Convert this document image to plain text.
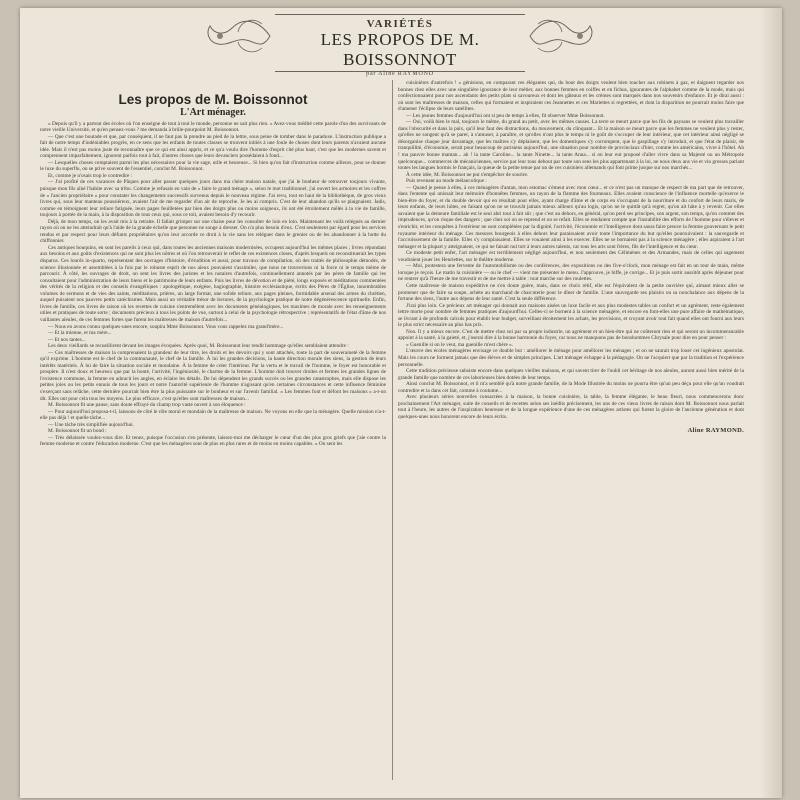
VARIÉTÉS
LES PROPOS DE M. BOISSONNOT
par Aline RAYMOND
Les propos de M. Boissonnot
L'Art ménager.

« Depuis qu'il y a partout des écoles où l'on enseigne de tout à tout le monde, personne ne sait plus rien. » Avez-vous médité cette parole d'un des survivants de notre vieille Université, et qu'en pensez-vous ? me demanda à brûle-pourpoint M. Boissonnot.

— Que c'est une boutade et que, par conséquent, il ne faut pas la prendre au pied de la lettre, sous peine de tomber dans le paradoxe. L'instruction publique a fait de notre temps d'indéniables progrès, en ce sens que les enfants de toutes classes se trouvent initiés à une foule de choses dont leurs parents n'avaient aucune idée. Mais il n'est pas moins juste de reconnaître que ce qui est ainsi appris, et ce qu'a voulu dire l'homme d'esprit cité plus haut, c'est que les modernes savent et comprennent imparfaitement, ignorent parfois tout à fait, d'autres choses que leurs devanciers possédaient à fond...

— Lesquelles choses comptaient parmi les plus nécessaires pour la vie sage, utile et heureuse... Si bien qu'on fait d'instruction comme ailleurs, pour se donner le luxe du superflu, on se prive souvent de l'essentiel, conclut M. Boissonnot.

Et, comme je n'osais trop le contredire :

— J'ai profité de ces vacances de Pâques pour aller passer quelques jours dans ma chère maison natale, que j'ai le bonheur de retrouver toujours vivante, puisque mon fils aîné l'habite avec sa tribu. Comme je refusais en vain de « faire le grand ménage », selon le mot traditionnel, j'ai ouvert les armoires et les coffres de « l'ancien propriétaire » pour constater les changements successifs survenus depuis le nouveau régime. J'ai revu, tout en haut de la bibliothèque, de gros vieux livres qui, sous leur manteau poussiéreux, avaient l'air de me regarder d'un air de reproche. Je les ai compris. C'est de leur abandon qu'ils se plaignaient. Jadis, comme en témoignent leur reliure fatiguée, leurs pages feuilletées par bien des doigts plus ou moins soigneux, ils ont été étroitement mêlés à la vie de famille, toujours à portée de la main, à la disposition de tous ceux qui, sous ce toit, avaient besoin d'y recourir.

Déjà, de mon temps, on les avait mis à la retraite. Il fallait grimper sur une chaise pour les consulter de loin en loin. Maintenant les voilà relégués au dernier rayon où on ne les atteindrait qu'à l'aide de la grande échelle que personne ne songe à dresser. On n'a plus besoin d'eux. C'est seulement par égard pour les services rendus et par respect pour leurs défunts propriétaires qu'on leur accorde ce droit à la vie sans les reléguer dans le grenier ou de les abandonner à la hotte du chiffonnier.

Ces antiques bouquins, en sont les pareils à ceux qui, dans toutes les anciennes maisons modernisées, occupent aujourd'hui les mêmes places ; livres répondant aux besoins et aux goûts d'existences qui ne sont plus les nôtres et où l'on retrouverait le reflet de ces existences closes, d'après lesquels on reconstituerait les types disparus. Ces lourds in-quarto, représentant des ouvrages d'histoire, d'érudition et aussi, pour travaux de compilation, où des traités de philosophie démodés, de science illusionnée et assemblées à la fois par le robuste esprit de nos aïeux pouvaient s'assimiler, que nous ne trouverions ni la force ni le temps même de parcourir. À côté, les ouvrages de droit, on sent les livres des juristes et les notaires d'autrefois, continuellement annotés par les pères de famille qui les consultaient pour l'administration de leurs biens et le patrimoine de leurs enfants. Puis les livres de dévotion et de piété, longs exposés et méditations commentées des vérités de la religion et des conseils évangéliques : apologétique, exégèse, hagiographie, histoire ecclésiastique, écrits des Pères de l'Église, innombrables volumes de sermons et de vies des saints, méditations, prières, un large format, une solide reliure, aux pages pleines, formidable arsenal des armes du chrétien, auquel puisaient nos pauvres petits catéchismes. Mais aussi un véritable trésor de lectures, de la psychologie pratique de notre dégénérescence spirituelle. Enfin, livres de famille, ces livres de raison où les recettes de cuisine s'entremêlent avec les documents généalogiques, les maximes de morale avec les renseignements utiles et pratiques de toute sorte ; documents précieux à tous les points de vue, surtout à celui de la psychologie rétrospective ; représentatifs de l'état d'âme de nos vaillantes aïeules, de ces femmes fortes que furent les maîtresses de maison d'autrefois...

— Nous en avons connu quelques-unes encore, soupira Mme Boissonnot. Vous vous rappelez ma grand'mère...

— Et la mienne, et ma mère...

— Et nos tantes...

Les deux vieillards se recueillirent devant les images évoquées. Après quoi, M. Boissonnot leur rendit hommage qu'elles semblaient attendre :

— Ces maîtresses de maison la comprenaient la grandeur de leur titre, les droits et les devoirs qui y sont attachés, toute la part de souveraineté de la femme qu'il exprime. L'homme est le chef de la communauté, le chef de la famille. À lui les grandes décisions, la haute direction morale des siens, la gestion de leurs intérêts matériels. À lui de faire la situation sociale et mondaine. À la femme de créer l'intérieur. Par la vertu et le travail de l'homme, le foyer est honorable et prospère. Il n'est doux et heureux que par la bonté, l'activité, l'ingéniosité, le charme de la femme. L'homme doit trouver droites et fermes les grandes lignes de l'existence commune, la femme en adoucit les angles, en éclaire les détails. De lui dépendent les grands succès ou les grandes catastrophes, mais elle dispose les petites joies ou les petits ennuis de tous les jours et notre l'autorité supérieure de l'homme n'agissant qu'en certaines circonstances et cette influence féminine s'exerçant sans relâche, cette dernière pourrait bien être la plus puissante sur le bonheur et sur l'avenir familial. « Les femmes font et défont les maisons » a-t-on dit. Elles ont pour cela tous les moyens. Le plus efficace, c'est qu'elles sont maîtresses de maison...

M. Boissonnot fit une pause, sans doute effrayé du champ trop vaste ouvert à son éloquence :

— Pour aujourd'hui proposa-t-il, laissons de côté le rôle moral et mondain de la maîtresse de maison. Ne voyons en elle que la ménagère. Quelle mission n'a-t-elle pas déjà ! et quelle tâche...

— Une tâche très simplifiée aujourd'hui.

M. Boissonnot fit un bond :

— Très délaissée voulez-vous dire. Et tenez, puisque l'occasion s'en présente, laissez-moi me décharger le cœur d'un des plus gros griefs que j'aie contre la femme moderne et contre l'éducation moderne. C'est que les ménagères sont de plus en plus rares et de moins en moins capables. « On sent les

cuisinières d'autrefois ! » génisions, en comparant ces élégantes qui, du bout des doigts veulent bien toucher aux robinets à gaz, et daignent regarder nos bonnes chez elles avec une singulière ignorance de leur métier, aux bonnes femmes en coiffes et en fichus, ignorantes de l'alphabet comme de la mode, mais qui confectionnaient pour nos ascendants des petits plats si savoureux et dont les gâteaux et les crèmes sont marqués dans nos souvenirs d'enfance. Et je dirai aussi : où sont les maîtresses de maison, celles qui formaient et inspiraient ces Jeannettes et ces Mariettes si regrettées, et dont la disparition ne pourrait moins faire que d'amener l'éclipse de leurs satellites.

— Les jeunes femmes d'aujourd'hui ont si peu de temps à elles, fit observer Mme Boissonnot.

— Oui, voilà bien le mal, toujours le même, du grand au petit, avec les mêmes causes. La terre se meurt parce que les fils de paysans se veulent plus travailler dans l'obscurité et dans la paix, qu'il leur faut des distractions, du mouvement, du clinquant... Et la maison se meurt parce que les femmes ne veulent plus y rester, qu'elles ne songent qu'à se parer, à s'amuser, à paraître, et qu'elles n'ont plus le temps ni le goût de s'occuper de leur intérieur, que cet intérieur ainsi négligé se désorganise chaque jour davantage, que les maîtres s'y déplaisent, que les domestiques s'y corrompent, que le gaspillage s'y introduit, et que l'état de plaisir, de tranquillité, d'économie, serait pour beaucoup de parisiens aujourd'hui, une situation pour nombre de provinciaux d'hier, comme les américains, vivre à l'hôtel. Ah ! ma pauvre bonne maman... ah ! la tante Caroline... la tante Ninette... la tante Anna... si on leur eut proposé d'aller vivre dans sa Majesté ou un Métropole quelconque... commerces de mécaniciennes, service par leur tous debout par toute son sens les plus appartenant à la loi, ne nous deux ans vie et vin grosses parlant toutes les langues hormis le français, la queue de la petite tenue par un de ces cuisiniers allemands qui font prime jusque sur nos marchés...

À cette idée, M. Boissonnot ne put s'empêcher de sourire.

Puis revenant au mode mélancolique :

— Quand je pense à elles, à ces ménagères d'antan, mon estomac s'émeut avec mon cœur... et ce n'est pas un manque de respect de ma part que de retrouver, dans l'entente qui unissait leur mémoire d'honnêtes femmes, un rayon de la flamme des fourneaux. Elles avaient conscience de l'influence mortelle qu'exerce le bien-être du foyer, et du double devoir qui en résultait pour elles, ayant charge d'âme et de corps en s'occupant de la nourriture et du confort de leurs maris, de leurs enfants, de leurs hôtes, en faisant qu'on ne se trouvât jamais mieux ailleurs qu'au logis, qu'on ne le quittât qu'à regret, qu'on ait hâte à y revenir. Car elles savaient que la demeure familiale est le seul abri tout à fait sûr ; que c'est au dehors, en général, qu'on perd ses principes, son argent, son temps, qu'on commet des imprudences, qu'on risque des dangers ; que chez soi on se reprend et on se refait. Elles se rendaient compte que l'instabilité des efforts de l'homme pour s'élever et s'enrichir, et les conquêtes à l'extérieur ne sont complétées par la dignité, l'activité, l'économie et l'intelligence dont saura faire preuve la femme gouvernant le petit royaume intérieur du ménage. Ces mesures bourgeois à elles dehors leur paraissaient avoir toute l'importance du but qu'elles poursuivaient : la sauvegarde et l'accroissement de la famille. Elles s'y complaisaient. Elles se vouaient ainsi à les exercer. Elles ne se bornaient pas à la science ménagère ; elles aspiraient à l'art ménager et la plupart y atteignaient, ce qui ne faisait nul tort à leurs autres talents, car tous les arts sont frères, fils de l'intelligence et du cœur.

Ce modeste petit enfer, l'art ménager est terriblement négligé aujourd'hui, et non seulement des Célimènes et des Armandes, mais de celles qui sagement voudraient jouer les Henriettes, sur le théâtre moderne.

— Mol, protestera une fervente de l'automobilisme ou des conférences, des expositions ou des five-o'clock, mon ménage est fait en un tour de main, même lorsque je reçois. Le matin la cuisinière — ou le chef — vient me présenter le menu. J'approuve, je biffe, je corrige... Et je puis sortir aussitôt après déjeuner pour ne rentrer qu'à l'heure de me travestir et de me mettre à table : tout marche sur des roulettes.

Cette maîtresse de maison expéditive ne s'en doute guère, mais, dans ce choix rétif, elle est l'équivalent de la petite ouvrière qui, aimant mieux aller se promener que de faire sa soupe, achète au marchand de charcuterie pour le dîner de famille. L'une sauvegarde ses plaisirs ou sa nonchalance aux dépens de la fortune des siens, l'autre aux dépens de leur santé. C'est la seule différence.

J'irai plus loin. Ce précieux art ménager qui donnait aux maisons aisées un luxe facile et aux plus modestes tables un confort et un agrément, reste également lettre morte pour nombre de femmes pratiques d'aujourd'hui. Celles-ci se bornent à la science ménagère, et encore en font-elles une pure affaire de mathématique, se livrant à de profonds calculs pour établir leur budget, surveillant étroitement les achats, les provisions, et croyant avoir tout fait quand elles ont fourni aux leurs le plus strict nécessaire au plus bas prix.

Non. Il y a mieux encore. C'est de mettre chez soi par sa propre industrie, un agrément et un bien-être qui ne coûteront rien et qui seront un incommensurable appoint à la santé, à la gaieté, et, j'oserai dire à la bonne harmonie du foyer, car nous ne manquons pas de bonshommes Chrysale pour dire en pour penser :

« Guenille si on le veut, ma guenille m'est chère ».

L'œuvre des écoles ménagères envisage ce double but : améliorer le ménage pour améliorer les ménages ; et on ne saurait trop louer cet ingénieux apostolat. Mais les cours ne forment jamais que des élèves et de simples principes. L'art ménager échappe à la pédagogie. On ne l'acquiert que par la tradition et l'expérience personnelle.

Cette tradition précieuse subsiste encore dans quelques vieilles maisons, et qui savent tirer de l'oubli cet héritage de nos aïeules, auront aussi bien mérité de la grande famille que nombre de ces laborieuses bien dotées de leur temps.

Ainsi conclut M. Boissonnot, et il m'a semblé qu'à notre grande famille, de la Mode Illustrée du moins ne pourra être qu'un peu déçu pour elle qu'un voudrait contredire et la dans cet fait, comme à coutume...

Avec plusieurs séries nouvelles consacrées à la maison, la bonne cuisinière, la table, la femme élégante, le beau fleuri, nous commencerons donc prochainement l'Art ménager, suite de conseils et de recettes selon ses inédits précisement, les uns de ces vieux livres de raison dont M. Boissonnot nous parlait tout à l'heure, les autres de l'inspiration heureuse et de la longue expérience d'une de ces ménagères artistes qui furent la gloire de l'ancienne génération et dont quelques-unes nous honorent encore de leurs écrits.

Aline RAYMOND.
